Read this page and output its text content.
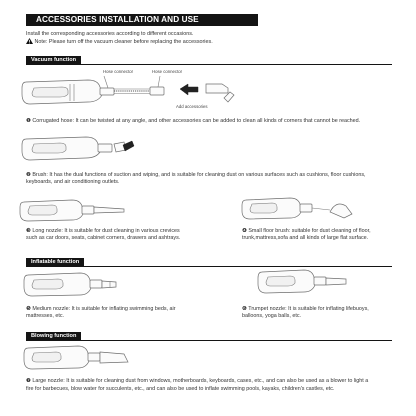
ACCESSORIES INSTALLATION AND USE
Install the corresponding accessories according to different occasions.
Note: Please turn off the vacuum cleaner before replacing the accessories.
Vacuum function
Hose connector	Hose connector
Add accessories
❶ Corrugated hose: It can be twisted at any angle, and other accessories can be added to clean all kinds of corners that cannot be reached.
❷ Brush: It has the dual functions of suction and wiping, and is suitable for cleaning dust on various surfaces such as cushions, floor cushions,
keyboards, and air conditioning outlets.
❸ Long nozzle: It is suitable for dust cleaning in various crevices
such as car doors, seats, cabinet corners, drawers and ashtrays.
❹ Small floor brush: suitable for dust cleaning of floor,
trunk,mattress,sofa and all kinds of large flat surface.
Inflatable function
❺ Medium nozzle: It is suitable for inflating swimming beds, air
mattresses, etc.
❻ Trumpet nozzle: It is suitable for inflating lifebuoys,
balloons, yoga balls, etc.
Blowing function
❼ Large nozzle: It is suitable for cleaning dust from windows, motherboards, keyboards, cases, etc., and can also be used as a blower to light a
fire for barbecues, blow water for succulents, etc., and can also be used to inflate swimming pools, kayaks, children's castles, etc.
